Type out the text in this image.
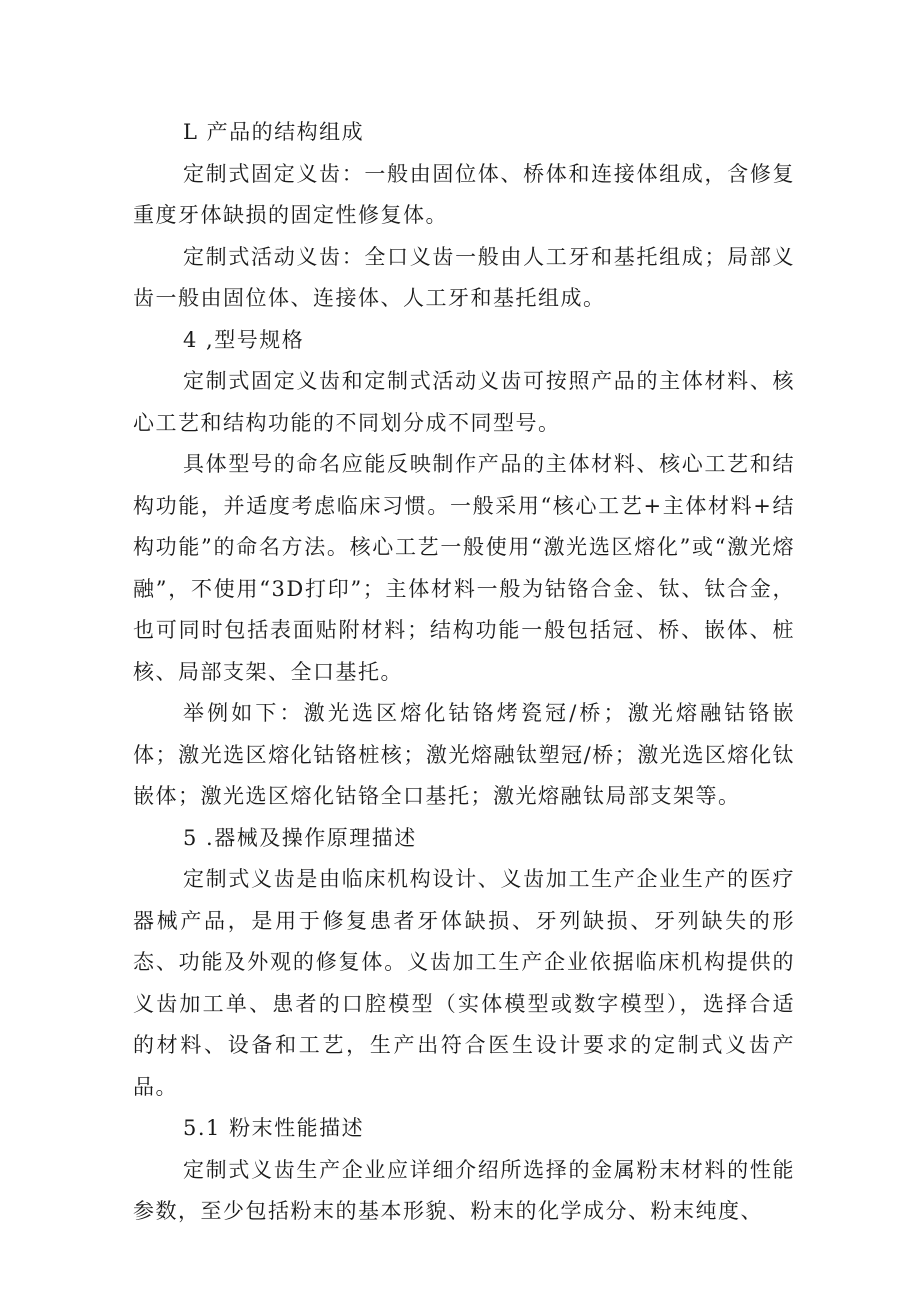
L 产品的结构组成

定制式固定义齿：一般由固位体、桥体和连接体组成，含修复重度牙体缺损的固定性修复体。

定制式活动义齿：全口义齿一般由人工牙和基托组成；局部义齿一般由固位体、连接体、人工牙和基托组成。

4 ,型号规格

定制式固定义齿和定制式活动义齿可按照产品的主体材料、核心工艺和结构功能的不同划分成不同型号。

具体型号的命名应能反映制作产品的主体材料、核心工艺和结构功能，并适度考虑临床习惯。一般采用“核心工艺+主体材料+结构功能”的命名方法。核心工艺一般使用“激光选区熔化”或“激光熔融”，不使用“3D打印”；主体材料一般为钴铬合金、钛、钛合金，也可同时包括表面贴附材料；结构功能一般包括冠、桥、嵌体、桩核、局部支架、全口基托。

举例如下：激光选区熔化钴铬烤瓷冠/桥；激光熔融钴铬嵌体；激光选区熔化钴铬桩核；激光熔融钛塑冠/桥；激光选区熔化钛嵌体；激光选区熔化钴铬全口基托；激光熔融钛局部支架等。

5 .器械及操作原理描述

定制式义齿是由临床机构设计、义齿加工生产企业生产的医疗器械产品，是用于修复患者牙体缺损、牙列缺损、牙列缺失的形态、功能及外观的修复体。义齿加工生产企业依据临床机构提供的义齿加工单、患者的口腔模型（实体模型或数字模型），选择合适的材料、设备和工艺，生产出符合医生设计要求的定制式义齿产品。

5.1 粉末性能描述

定制式义齿生产企业应详细介绍所选择的金属粉末材料的性能参数，至少包括粉末的基本形貌、粉末的化学成分、粉末纯度、
